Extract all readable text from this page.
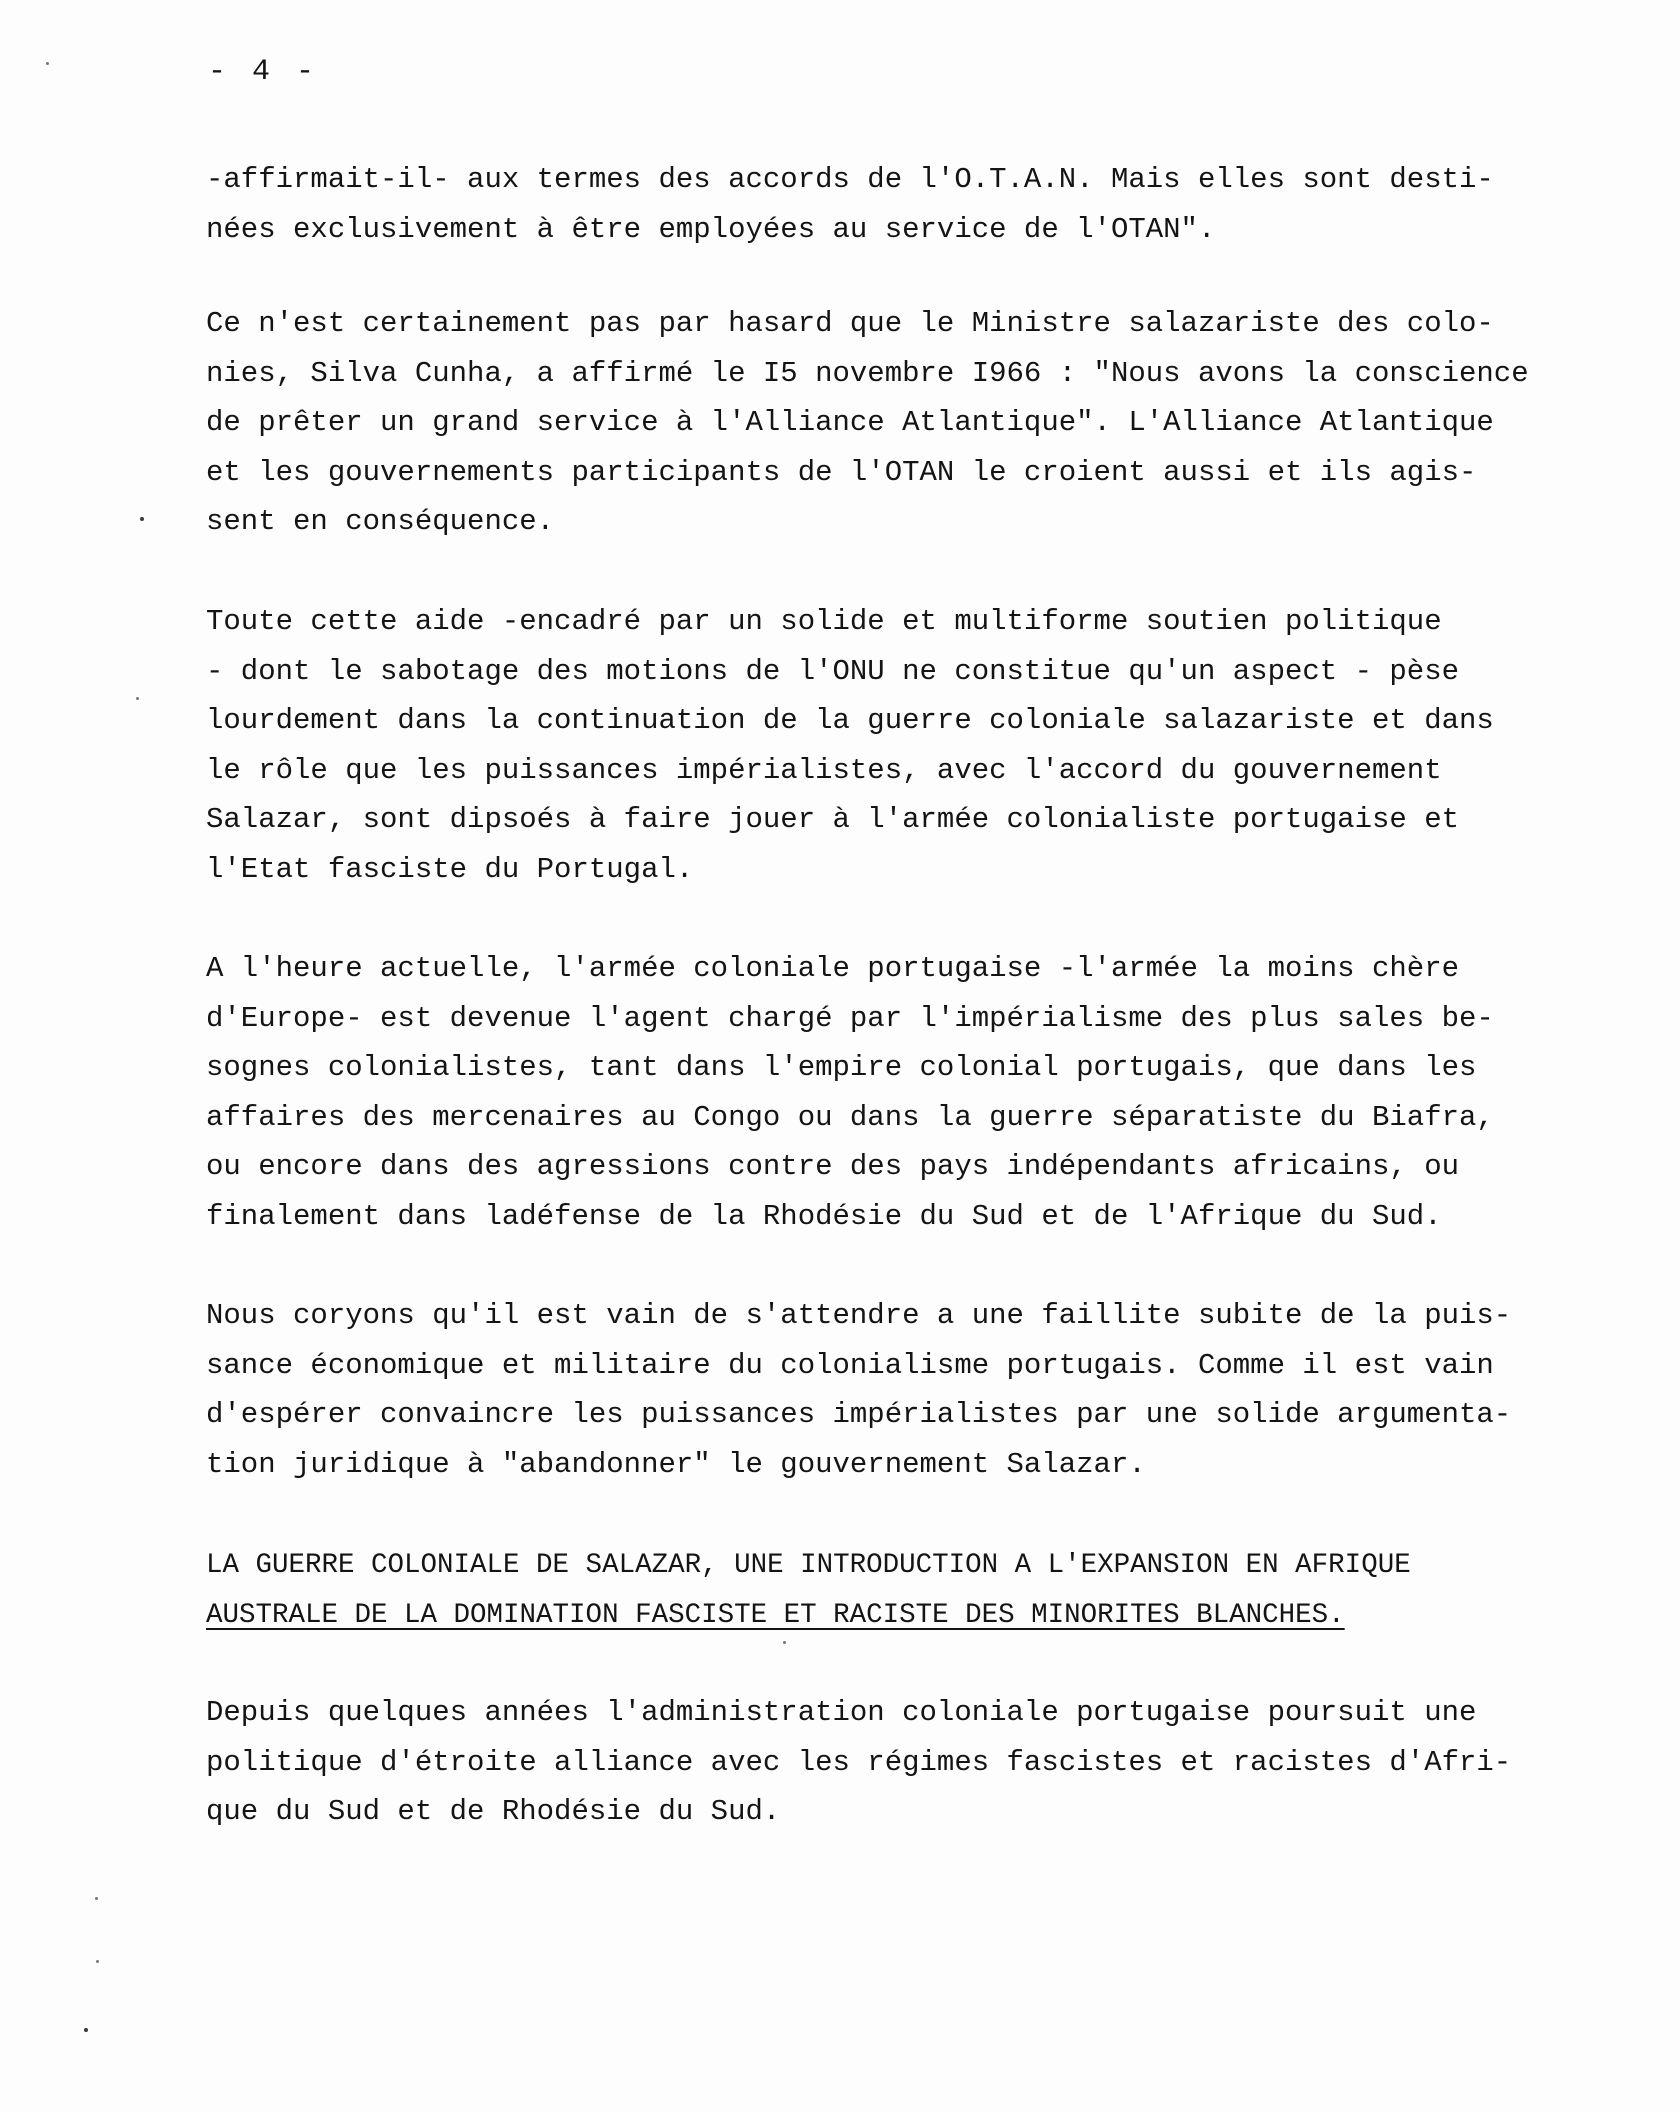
- 4 -
-affirmait-il- aux termes des accords de l'O.T.A.N. Mais elles sont desti-
nées exclusivement à être employées au service de l'OTAN".
Ce n'est certainement pas par hasard que le Ministre salazariste des colo-
nies, Silva Cunha, a affirmé le I5 novembre I966 : "Nous avons la conscience
de prêter un grand service à l'Alliance Atlantique". L'Alliance Atlantique
et les gouvernements participants de l'OTAN le croient aussi et ils agis-
sent en conséquence.
Toute cette aide -encadré par un solide et multiforme soutien politique
- dont le sabotage des motions de l'ONU ne constitue qu'un aspect - pèse
lourdement dans la continuation de la guerre coloniale salazariste et dans
le rôle que les puissances impérialistes, avec l'accord du gouvernement
Salazar, sont dipsoés à faire jouer à l'armée colonialiste portugaise et
l'Etat fasciste du Portugal.
A l'heure actuelle, l'armée coloniale portugaise -l'armée la moins chère
d'Europe- est devenue l'agent chargé par l'impérialisme des plus sales be-
sognes colonialistes, tant dans l'empire colonial portugais, que dans les
affaires des mercenaires au Congo ou dans la guerre séparatiste du Biafra,
ou encore dans des agressions contre des pays indépendants africains, ou
finalement dans ladéfense de la Rhodésie du Sud et de l'Afrique du Sud.
Nous coryons qu'il est vain de s'attendre a une faillite subite de la puis-
sance économique et militaire du colonialisme portugais. Comme il est vain
d'espérer convaincre les puissances impérialistes par une solide argumenta-
tion juridique à "abandonner" le gouvernement Salazar.
LA GUERRE COLONIALE DE SALAZAR, UNE INTRODUCTION A L'EXPANSION EN AFRIQUE
AUSTRALE DE LA DOMINATION FASCISTE ET RACISTE DES MINORITES BLANCHES.
Depuis quelques années l'administration coloniale portugaise poursuit une
politique d'étroite alliance avec les régimes fascistes et racistes d'Afri-
que du Sud et de Rhodésie du Sud.
